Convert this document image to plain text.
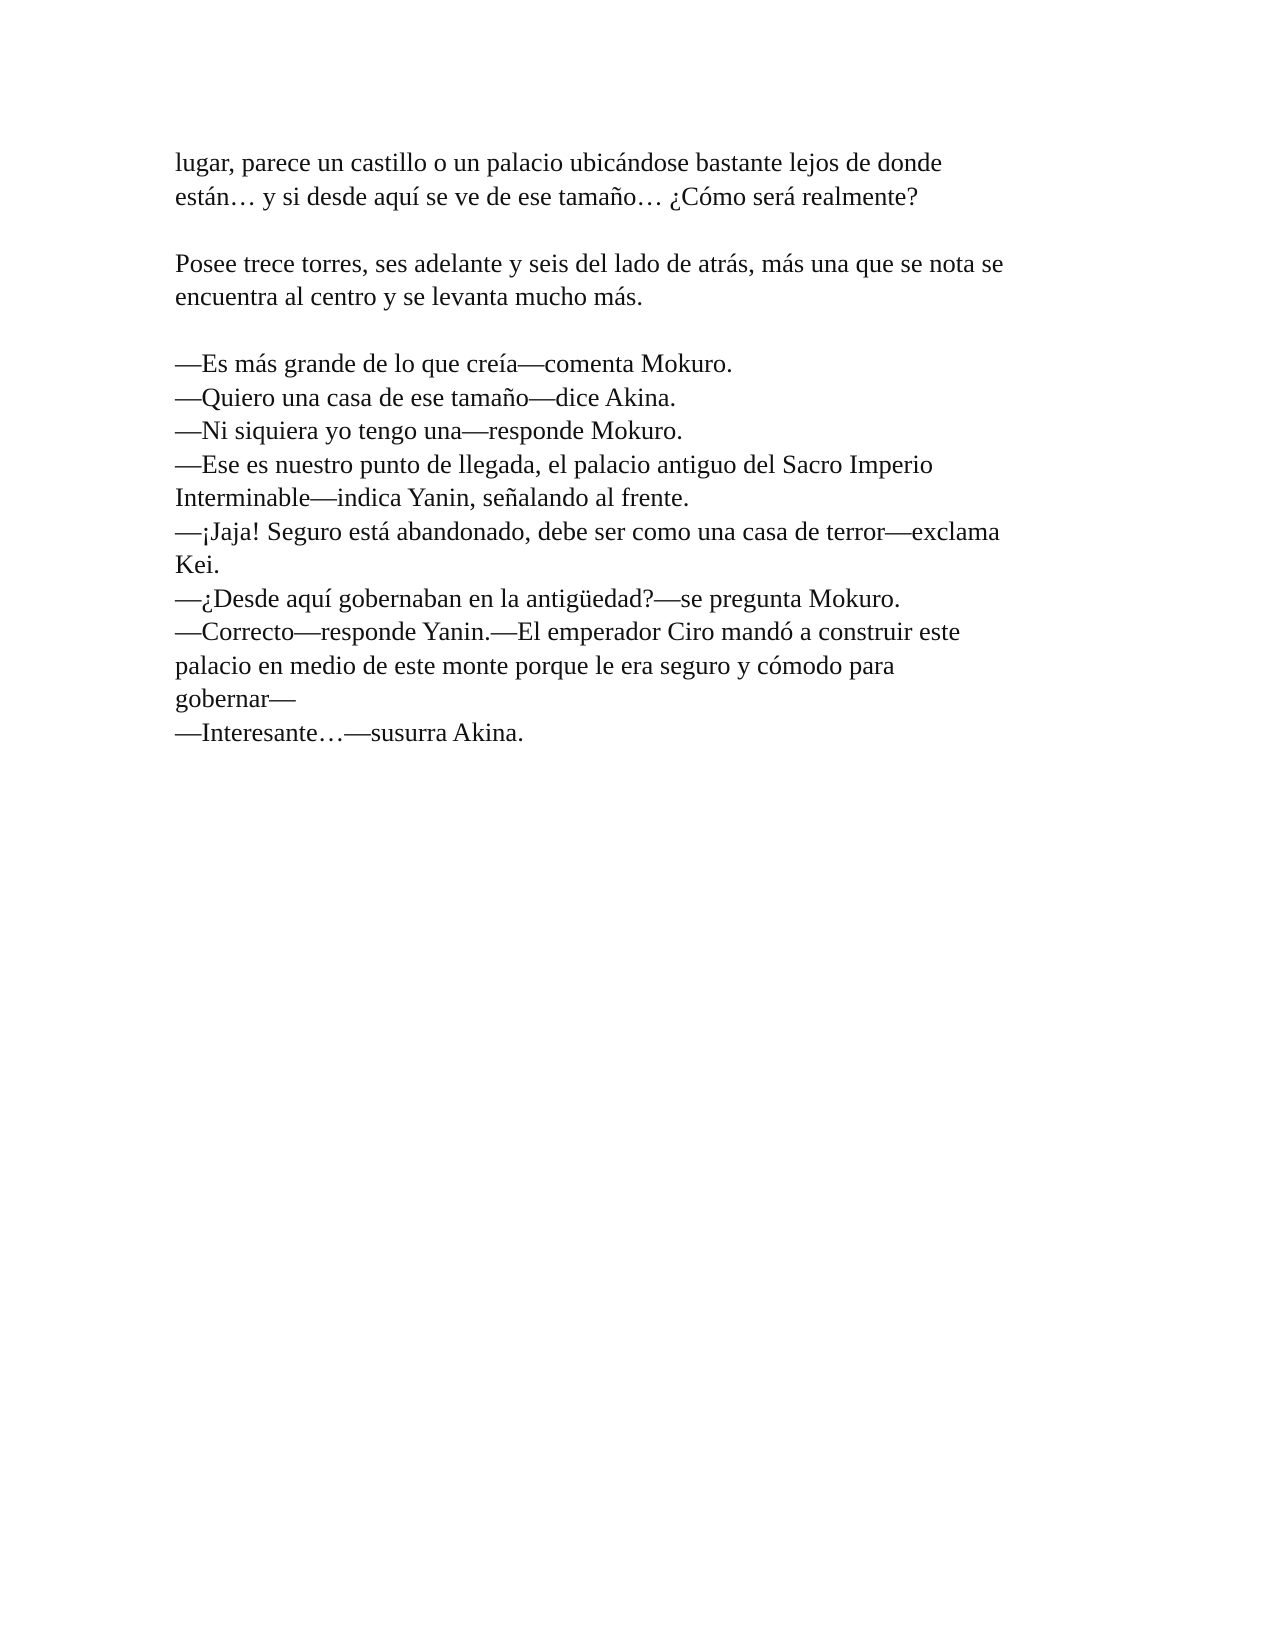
lugar, parece un castillo o un palacio ubicándose bastante lejos de donde
están… y si desde aquí se ve de ese tamaño… ¿Cómo será realmente?

Posee trece torres, ses adelante y seis del lado de atrás, más una que se nota se
encuentra al centro y se levanta mucho más.

—Es más grande de lo que creía—comenta Mokuro.
—Quiero una casa de ese tamaño—dice Akina.
—Ni siquiera yo tengo una—responde Mokuro.
—Ese es nuestro punto de llegada, el palacio antiguo del Sacro Imperio
Interminable—indica Yanin, señalando al frente.
—¡Jaja! Seguro está abandonado, debe ser como una casa de terror—exclama
Kei.
—¿Desde aquí gobernaban en la antigüedad?—se pregunta Mokuro.
—Correcto—responde Yanin.—El emperador Ciro mandó a construir este
palacio en medio de este monte porque le era seguro y cómodo para
gobernar—
—Interesante…—susurra Akina.
